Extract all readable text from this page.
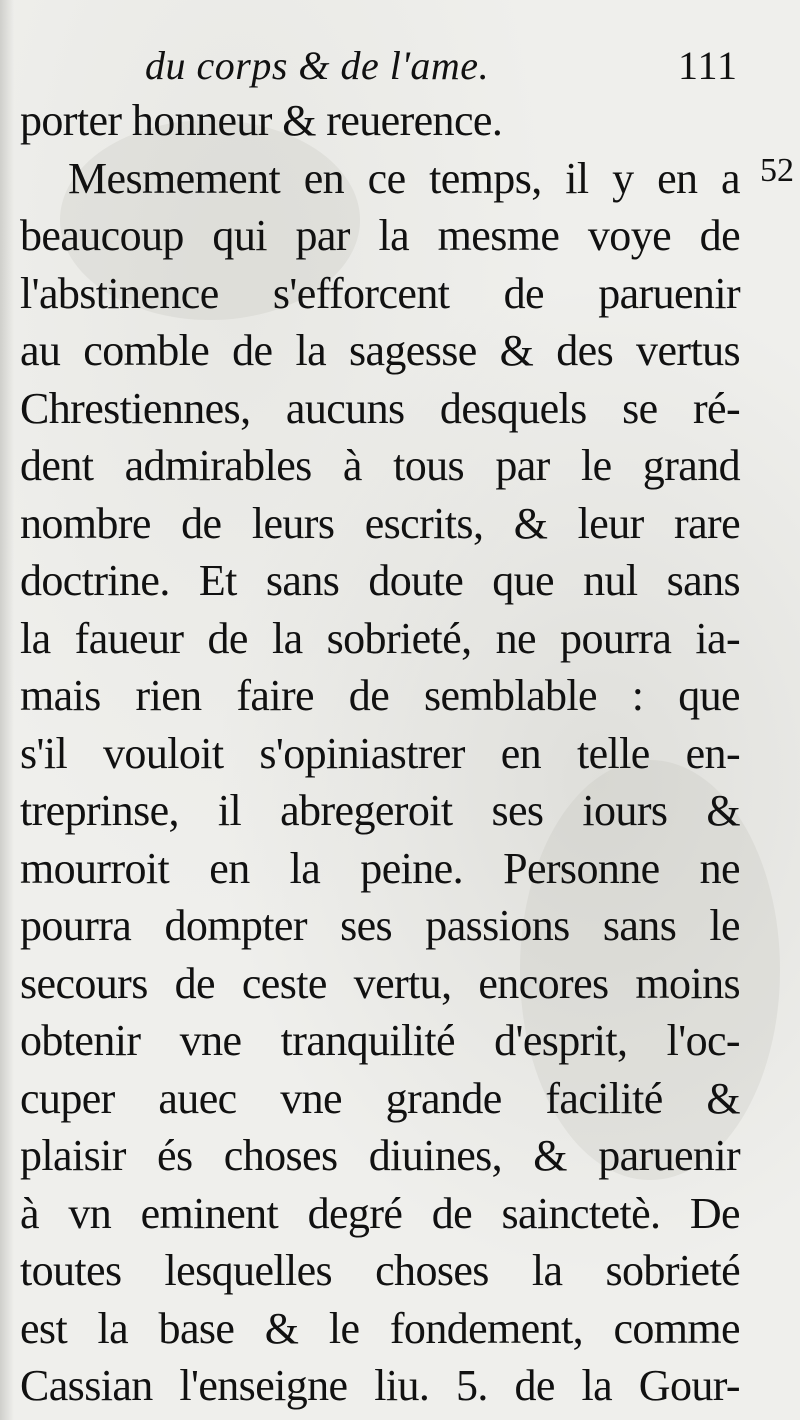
du corps & de l'ame.	111
52
porter honneur & reuerence.
Mesmement en ce temps, il y en a
beaucoup qui par la mesme voye de
l'abstinence s'efforcent de paruenir
au comble de la sagesse & des vertus
Chrestiennes, aucuns desquels se ré-
dent admirables à tous par le grand
nombre de leurs escrits, & leur rare
doctrine. Et sans doute que nul sans
la faueur de la sobrieté, ne pourra ia-
mais rien faire de semblable : que
s'il vouloit s'opiniastrer en telle en-
treprinse, il abregeroit ses iours &
mourroit en la peine. Personne ne
pourra dompter ses passions sans le
secours de ceste vertu, encores moins
obtenir vne tranquilité d'esprit, l'oc-
cuper auec vne grande facilité &
plaisir és choses diuines, & paruenir
à vn eminent degré de sainctetè. De
toutes lesquelles choses la sobrieté
est la base & le fondement, comme
Cassian l'enseigne liu. 5. de la Gour-
